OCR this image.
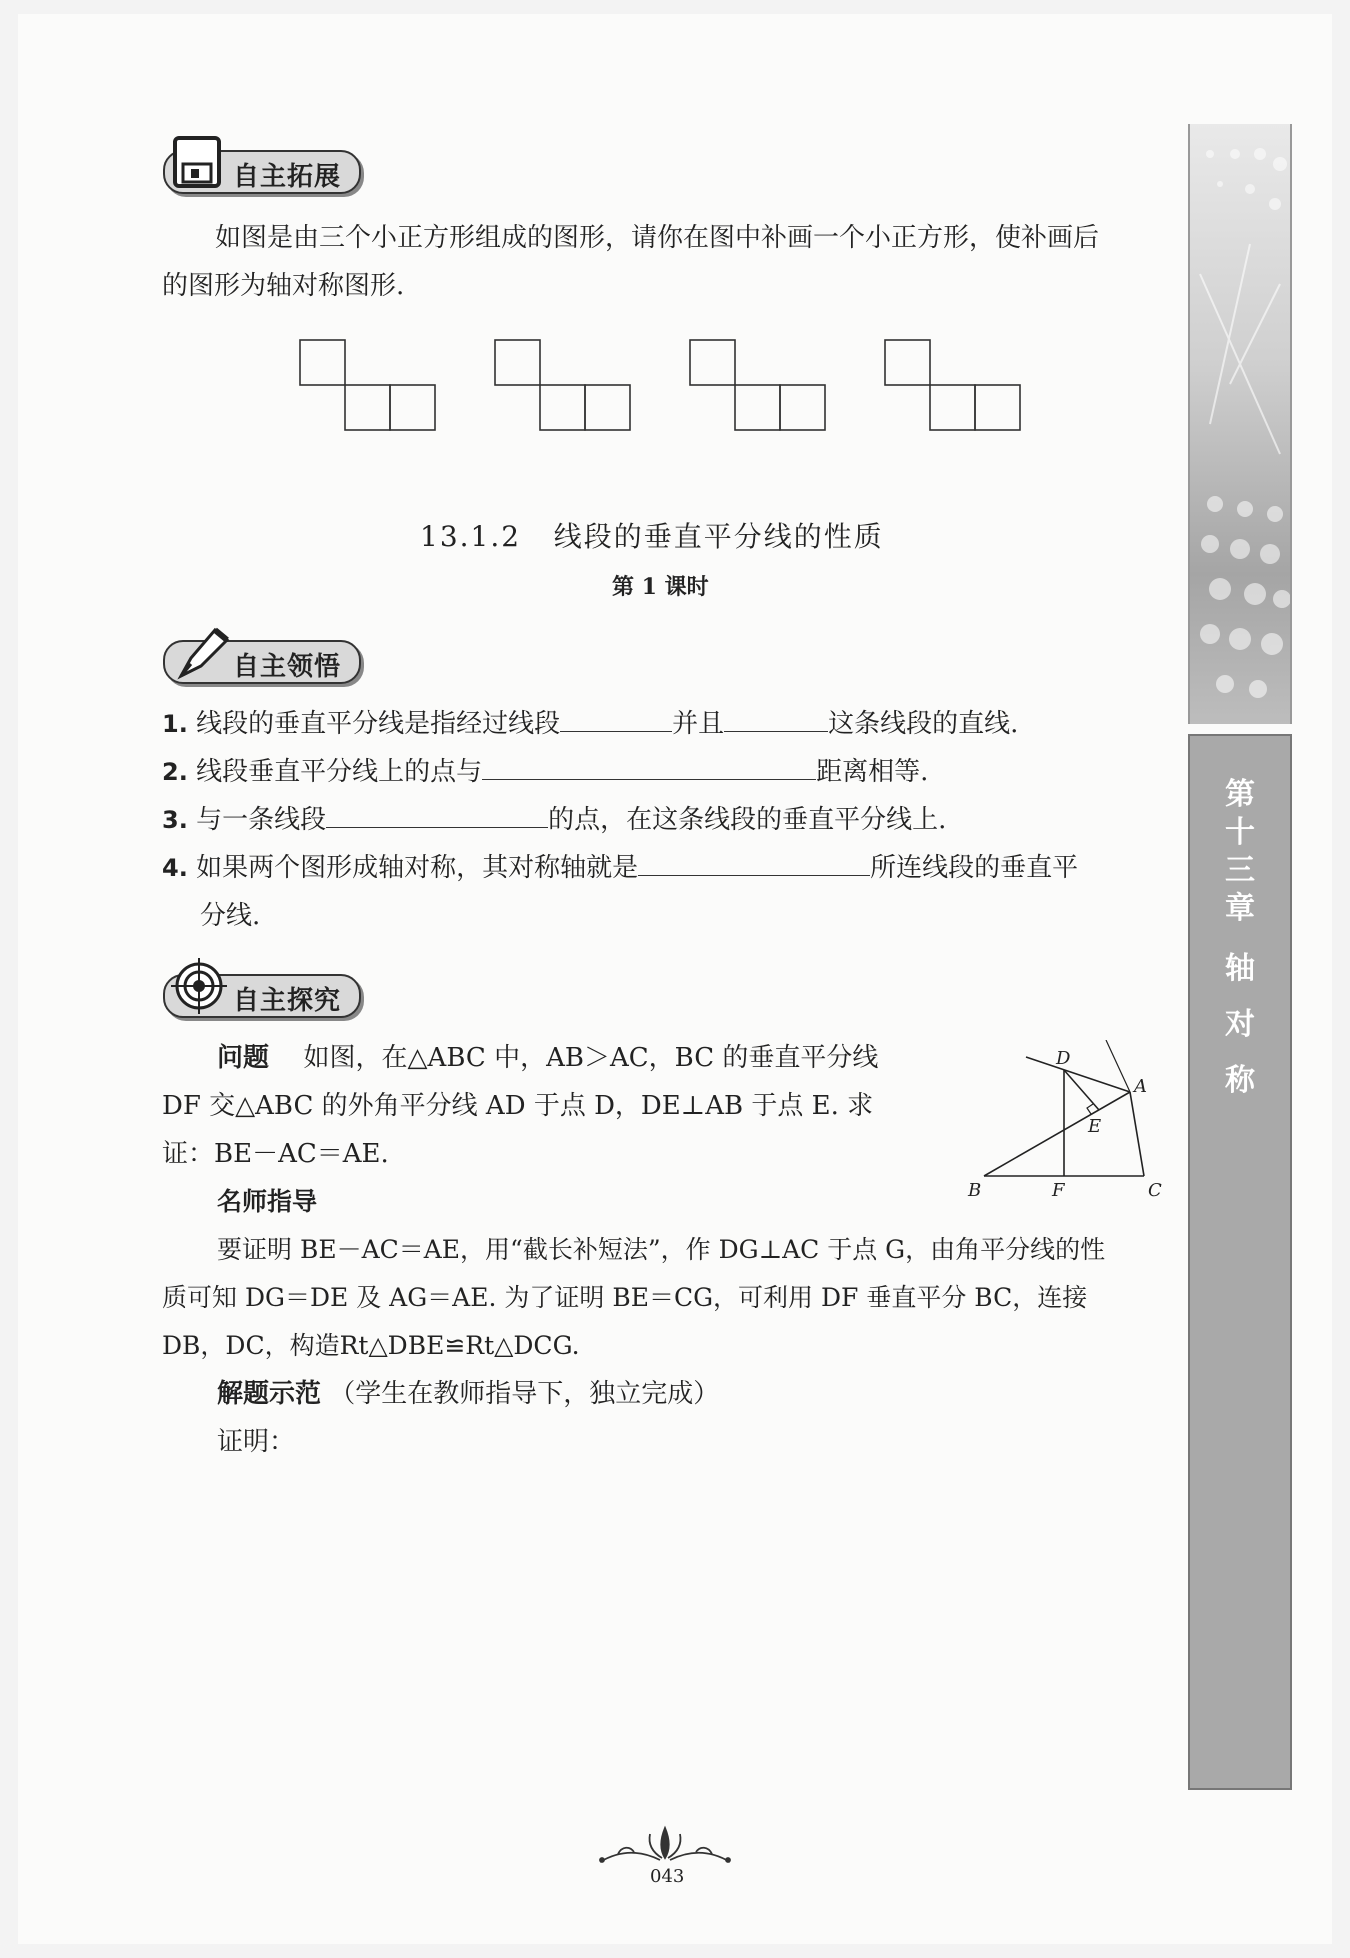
自主拓展
如图是由三个小正方形组成的图形，请你在图中补画一个小正方形，使补画后
的图形为轴对称图形.
13.1.2   线段的垂直平分线的性质
第 1 课时
自主领悟
1. 线段的垂直平分线是指经过线段	并且	这条线段的直线.
2. 线段垂直平分线上的点与	距离相等.
3. 与一条线段	的点，在这条线段的垂直平分线上.
4. 如果两个图形成轴对称，其对称轴就是	所连线段的垂直平
分线.
自主探究
问题 如图，在△ABC 中，AB＞AC，BC 的垂直平分线
DF 交△ABC 的外角平分线 AD 于点 D，DE⊥AB 于点 E. 求
证：BE－AC＝AE.
D
A
E
B	F	C
名师指导
要证明 BE－AC＝AE，用“截长补短法”，作 DG⊥AC 于点 G，由角平分线的性
质可知 DG＝DE 及 AG＝AE. 为了证明 BE＝CG，可利用 DF 垂直平分 BC，连接
DB，DC，构造Rt△DBE≌Rt△DCG.
解题示范 （学生在教师指导下，独立完成）
证明：
第
十
三
章
轴
对
称
043
